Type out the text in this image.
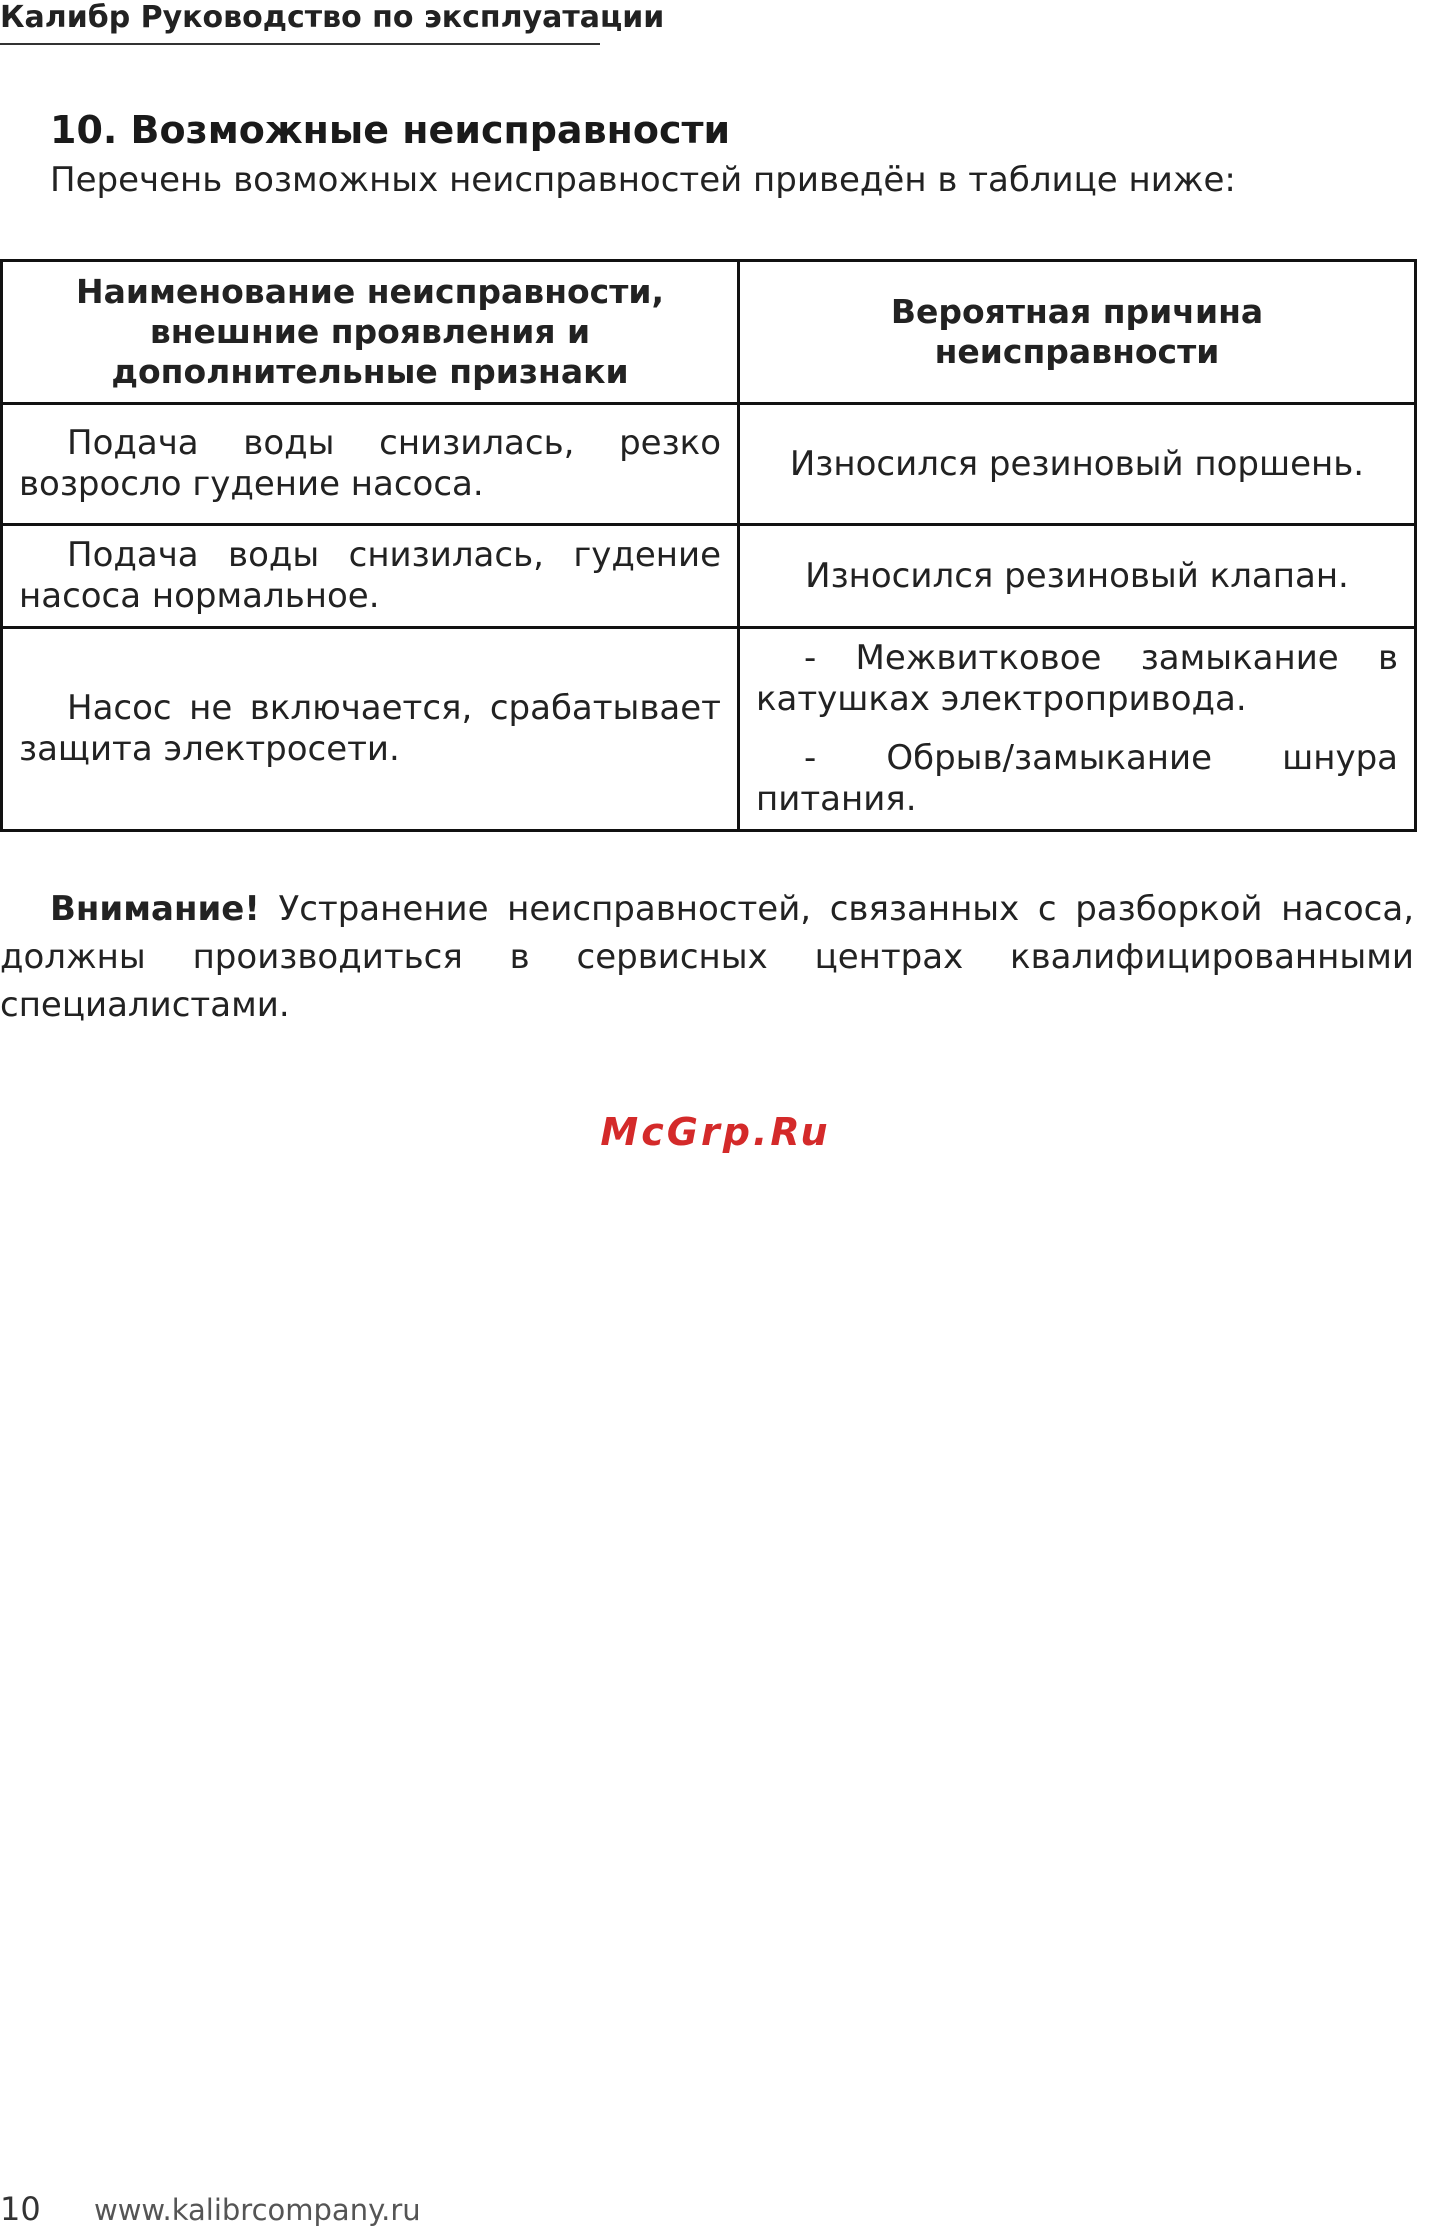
Калибр Руководство по эксплуатации
10. Возможные неисправности
Перечень возможных неисправностей приведён в таблице ниже:
Наименование неисправности, внешние проявления и дополнительные признаки	Вероятная причина неисправности
Подача воды снизилась, резко возросло гудение насоса.	Износился резиновый поршень.
Подача воды снизилась, гудение насоса нормальное.	Износился резиновый клапан.
Насос не включается, срабатывает защита электросети.	- Межвитковое замыкание в катушках электропривода.

- Обрыв/замыкание шнура питания.

Внимание! Устранение неисправностей, связанных с разборкой насоса, должны производиться в сервисных центрах квалифицированными специалистами.
McGrp.Ru
10 www.kalibrcompany.ru
